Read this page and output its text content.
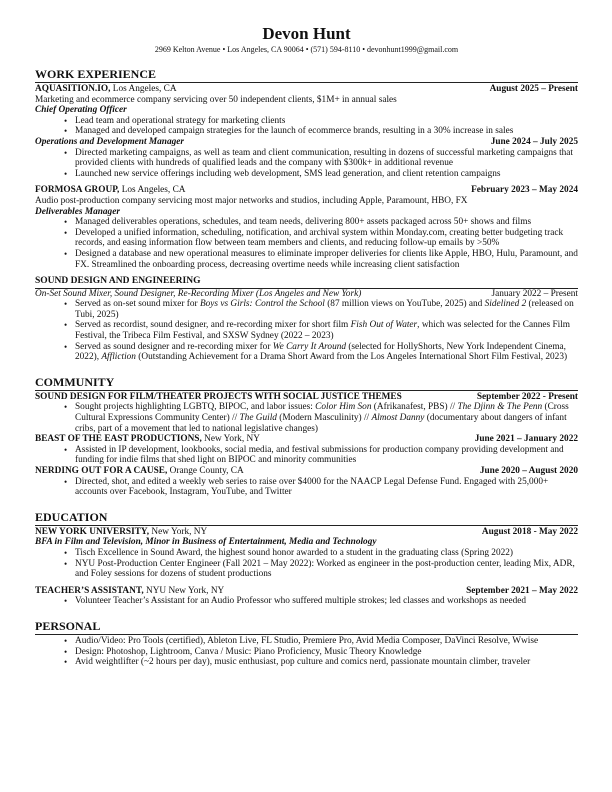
Devon Hunt
2969 Kelton Avenue • Los Angeles, CA 90064 • (571) 594-8110 • devonhunt1999@gmail.com
WORK EXPERIENCE
AQUASITION.IO, Los Angeles, CA	August 2025 – Present
Marketing and ecommerce company servicing over 50 independent clients, $1M+ in annual sales
Chief Operating Officer
• Lead team and operational strategy for marketing clients
• Managed and developed campaign strategies for the launch of ecommerce brands, resulting in a 30% increase in sales
Operations and Development Manager	June 2024 – July 2025
• Directed marketing campaigns, as well as team and client communication, resulting in dozens of successful marketing campaigns that provided clients with hundreds of qualified leads and the company with $300k+ in additional revenue
• Launched new service offerings including web development, SMS lead generation, and client retention campaigns
FORMOSA GROUP, Los Angeles, CA	February 2023 – May 2024
Audio post-production company servicing most major networks and studios, including Apple, Paramount, HBO, FX
Deliverables Manager
• Managed deliverables operations, schedules, and team needs, delivering 800+ assets packaged across 50+ shows and films
• Developed a unified information, scheduling, notification, and archival system within Monday.com, creating better budgeting track records, and easing information flow between team members and clients, and reducing follow-up emails by >50%
• Designed a database and new operational measures to eliminate improper deliveries for clients like Apple, HBO, Hulu, Paramount, and FX. Streamlined the onboarding process, decreasing overtime needs while increasing client satisfaction
SOUND DESIGN AND ENGINEERING
On-Set Sound Mixer, Sound Designer, Re-Recording Mixer (Los Angeles and New York)	January 2022 – Present
• Served as on-set sound mixer for Boys vs Girls: Control the School (87 million views on YouTube, 2025) and Sidelined 2 (released on Tubi, 2025)
• Served as recordist, sound designer, and re-recording mixer for short film Fish Out of Water, which was selected for the Cannes Film Festival, the Tribeca Film Festival, and SXSW Sydney (2022 – 2023)
• Served as sound designer and re-recording mixer for We Carry It Around (selected for HollyShorts, New York Independent Cinema, 2022), Affliction (Outstanding Achievement for a Drama Short Award from the Los Angeles International Short Film Festival, 2023)
COMMUNITY
SOUND DESIGN FOR FILM/THEATER PROJECTS WITH SOCIAL JUSTICE THEMES	September 2022 - Present
• Sought projects highlighting LGBTQ, BIPOC, and labor issues: Color Him Son (Afrikanafest, PBS) // The Djinn & The Penn (Cross Cultural Expressions Community Center) // The Guild (Modern Masculinity) // Almost Danny (documentary about dangers of infant cribs, part of a movement that led to national legislative changes)
BEAST OF THE EAST PRODUCTIONS, New York, NY	June 2021 – January 2022
• Assisted in IP development, lookbooks, social media, and festival submissions for production company providing development and funding for indie films that shed light on BIPOC and minority communities
NERDING OUT FOR A CAUSE, Orange County, CA	June 2020 – August 2020
• Directed, shot, and edited a weekly web series to raise over $4000 for the NAACP Legal Defense Fund. Engaged with 25,000+ accounts over Facebook, Instagram, YouTube, and Twitter
EDUCATION
NEW YORK UNIVERSITY, New York, NY	August 2018 - May 2022
BFA in Film and Television, Minor in Business of Entertainment, Media and Technology
• Tisch Excellence in Sound Award, the highest sound honor awarded to a student in the graduating class (Spring 2022)
• NYU Post-Production Center Engineer (Fall 2021 – May 2022): Worked as engineer in the post-production center, leading Mix, ADR, and Foley sessions for dozens of student productions
TEACHER’S ASSISTANT, NYU New York, NY	September 2021 – May 2022
• Volunteer Teacher’s Assistant for an Audio Professor who suffered multiple strokes; led classes and workshops as needed
PERSONAL
• Audio/Video: Pro Tools (certified), Ableton Live, FL Studio, Premiere Pro, Avid Media Composer, DaVinci Resolve, Wwise
• Design: Photoshop, Lightroom, Canva / Music: Piano Proficiency, Music Theory Knowledge
• Avid weightlifter (~2 hours per day), music enthusiast, pop culture and comics nerd, passionate mountain climber, traveler
